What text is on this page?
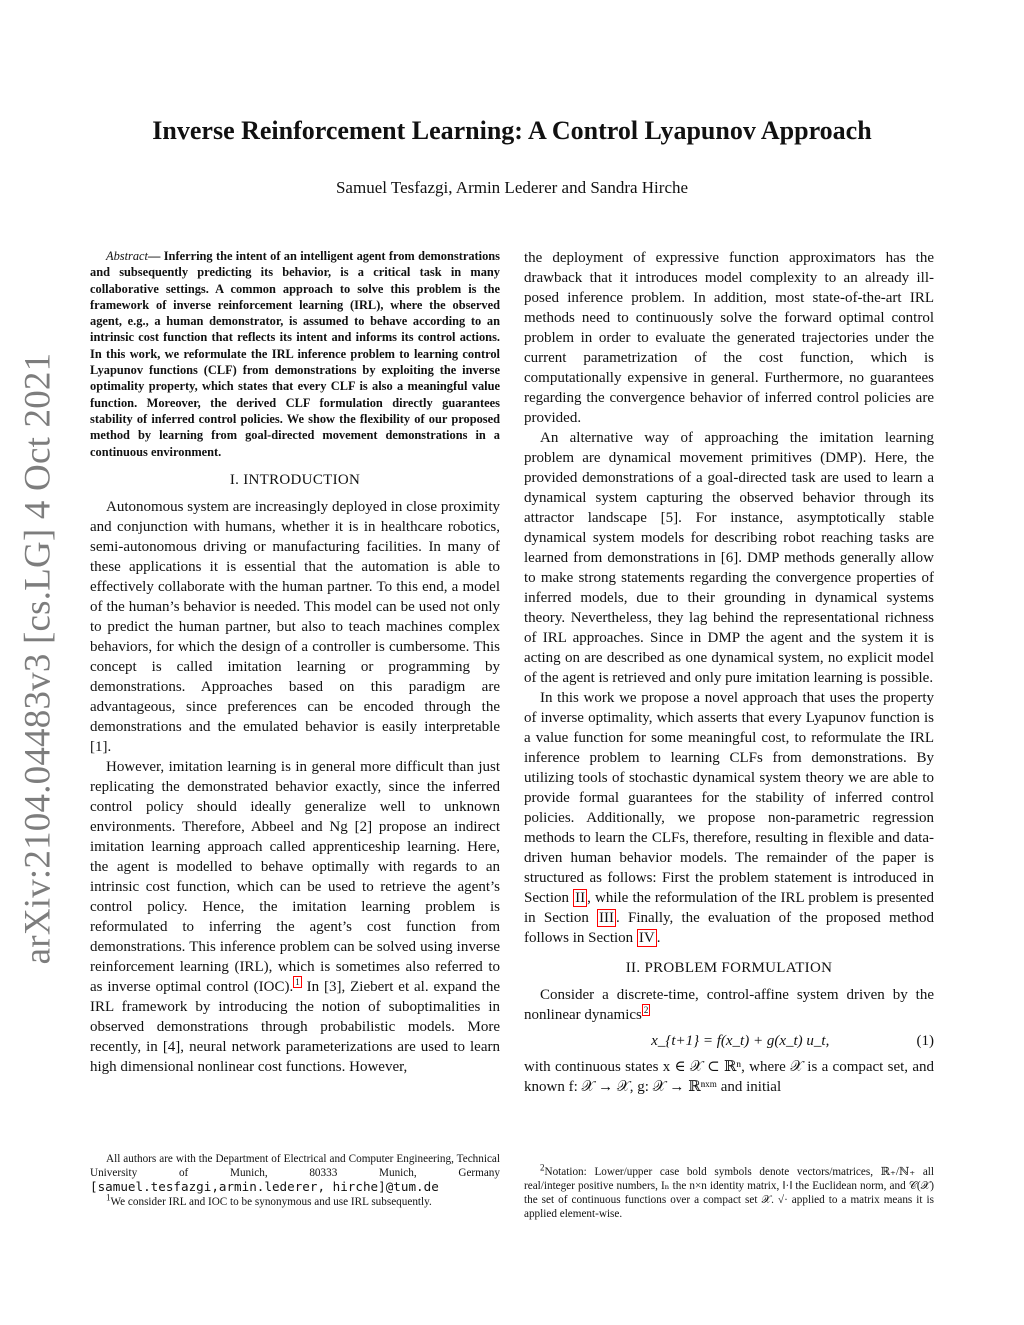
arXiv:2104.04483v3 [cs.LG] 4 Oct 2021
Inverse Reinforcement Learning: A Control Lyapunov Approach
Samuel Tesfazgi, Armin Lederer and Sandra Hirche

Abstract— Inferring the intent of an intelligent agent from demonstrations and subsequently predicting its behavior, is a critical task in many collaborative settings. A common approach to solve this problem is the framework of inverse reinforcement learning (IRL), where the observed agent, e.g., a human demonstrator, is assumed to behave according to an intrinsic cost function that reflects its intent and informs its control actions. In this work, we reformulate the IRL inference problem to learning control Lyapunov functions (CLF) from demonstrations by exploiting the inverse optimality property, which states that every CLF is also a meaningful value function. Moreover, the derived CLF formulation directly guarantees stability of inferred control policies. We show the flexibility of our proposed method by learning from goal-directed movement demonstrations in a continuous environment.

I. INTRODUCTION

Autonomous system are increasingly deployed in close proximity and conjunction with humans, whether it is in healthcare robotics, semi-autonomous driving or manufacturing facilities. In many of these applications it is essential that the automation is able to effectively collaborate with the human partner. To this end, a model of the human’s behavior is needed. This model can be used not only to predict the human partner, but also to teach machines complex behaviors, for which the design of a controller is cumbersome. This concept is called imitation learning or programming by demonstrations. Approaches based on this paradigm are advantageous, since preferences can be encoded through the demonstrations and the emulated behavior is easily interpretable [1].

However, imitation learning is in general more difficult than just replicating the demonstrated behavior exactly, since the inferred control policy should ideally generalize well to unknown environments. Therefore, Abbeel and Ng [2] propose an indirect imitation learning approach called apprenticeship learning. Here, the agent is modelled to behave optimally with regards to an intrinsic cost function, which can be used to retrieve the agent’s control policy. Hence, the imitation learning problem is reformulated to inferring the agent’s cost function from demonstrations. This inference problem can be solved using inverse reinforcement learning (IRL), which is sometimes also referred to as inverse optimal control (IOC). $^1$ In [3], Ziebert et al. expand the IRL framework by introducing the notion of suboptimalities in observed demonstrations through probabilistic models. More recently, in [4], neural network parameterizations are used to learn high dimensional nonlinear cost functions. However,

All authors are with the Department of Electrical and Computer Engineering, Technical University of Munich, 80333 Munich, Germany [samuel.tesfazgi,armin.lederer, hirche]@tum.de

$^1$We consider IRL and IOC to be synonymous and use IRL subsequently.

the deployment of expressive function approximators has the drawback that it introduces model complexity to an already ill-posed inference problem. In addition, most state-of-the-art IRL methods need to continuously solve the forward optimal control problem in order to evaluate the generated trajectories under the current parametrization of the cost function, which is computationally expensive in general. Furthermore, no guarantees regarding the convergence behavior of inferred control policies are provided.

An alternative way of approaching the imitation learning problem are dynamical movement primitives (DMP). Here, the provided demonstrations of a goal-directed task are used to learn a dynamical system capturing the observed behavior through its attractor landscape [5]. For instance, asymptotically stable dynamical system models for describing robot reaching tasks are learned from demonstrations in [6]. DMP methods generally allow to make strong statements regarding the convergence properties of inferred models, due to their grounding in dynamical systems theory. Nevertheless, they lag behind the representational richness of IRL approaches. Since in DMP the agent and the system it is acting on are described as one dynamical system, no explicit model of the agent is retrieved and only pure imitation learning is possible.

In this work we propose a novel approach that uses the property of inverse optimality, which asserts that every Lyapunov function is a value function for some meaningful cost, to reformulate the IRL inference problem to learning CLFs from demonstrations. By utilizing tools of stochastic dynamical system theory we are able to provide formal guarantees for the stability of inferred control policies. Additionally, we propose non-parametric regression methods to learn the CLFs, therefore, resulting in flexible and data-driven human behavior models. The remainder of the paper is structured as follows: First the problem statement is introduced in Section II , while the reformulation of the IRL problem is presented in Section III . Finally, the evaluation of the proposed method follows in Section IV .

II. PROBLEM FORMULATION

Consider a discrete-time, control-affine system driven by the nonlinear dynamics $^2$

x_{t+1} = f(x_t) + g(x_t) u_t,	(1)

with continuous states x ∈ 𝒳 ⊂ ℝⁿ, where 𝒳 is a compact set, and known f: 𝒳 → 𝒳, g: 𝒳 → ℝⁿˣᵐ and initial

$^2$Notation: Lower/upper case bold symbols denote vectors/matrices, ℝ₊/ℕ₊ all real/integer positive numbers, Iₙ the n×n identity matrix, ‖·‖ the Euclidean norm, and 𝒞(𝒳) the set of continuous functions over a compact set 𝒳. √· applied to a matrix means it is applied element-wise.
